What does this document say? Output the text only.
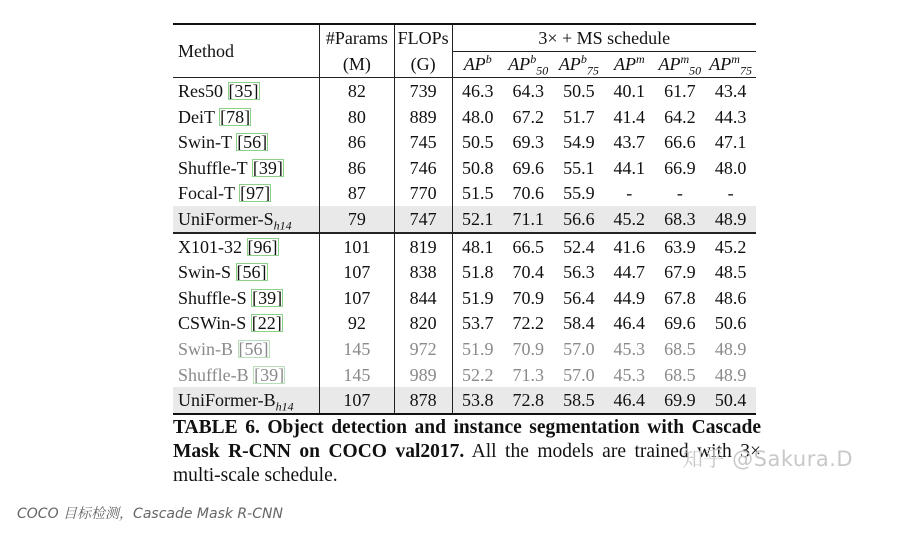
Method	#Params	FLOPs	3× + MS schedule					
	(M)	(G)	$AP^b$	$AP^b_{50}$	$AP^b_{75}$	$AP^m$	$AP^m_{50}$	$AP^m_{75}$
Res50 [35]	82	739	46.3	64.3	50.5	40.1	61.7	43.4
DeiT [78]	80	889	48.0	67.2	51.7	41.4	64.2	44.3
Swin-T [56]	86	745	50.5	69.3	54.9	43.7	66.6	47.1
Shuffle-T [39]	86	746	50.8	69.6	55.1	44.1	66.9	48.0
Focal-T [97]	87	770	51.5	70.6	55.9	-	-	-
UniFormer-$S_{h14}$	79	747	52.1	71.1	56.6	45.2	68.3	48.9
X101-32 [96]	101	819	48.1	66.5	52.4	41.6	63.9	45.2
Swin-S [56]	107	838	51.8	70.4	56.3	44.7	67.9	48.5
Shuffle-S [39]	107	844	51.9	70.9	56.4	44.9	67.8	48.6
CSWin-S [22]	92	820	53.7	72.2	58.4	46.4	69.6	50.6
Swin-B [56]	145	972	51.9	70.9	57.0	45.3	68.5	48.9
Shuffle-B [39]	145	989	52.2	71.3	57.0	45.3	68.5	48.9
UniFormer-$B_{h14}$	107	878	53.8	72.8	58.5	46.4	69.9	50.4
TABLE 6. Object detection and instance segmentation with Cascade Mask R-CNN on COCO val2017. All the models are trained with 3× multi-scale schedule.
知乎 @Sakura.D
COCO 目标检测，Cascade Mask R-CNN
